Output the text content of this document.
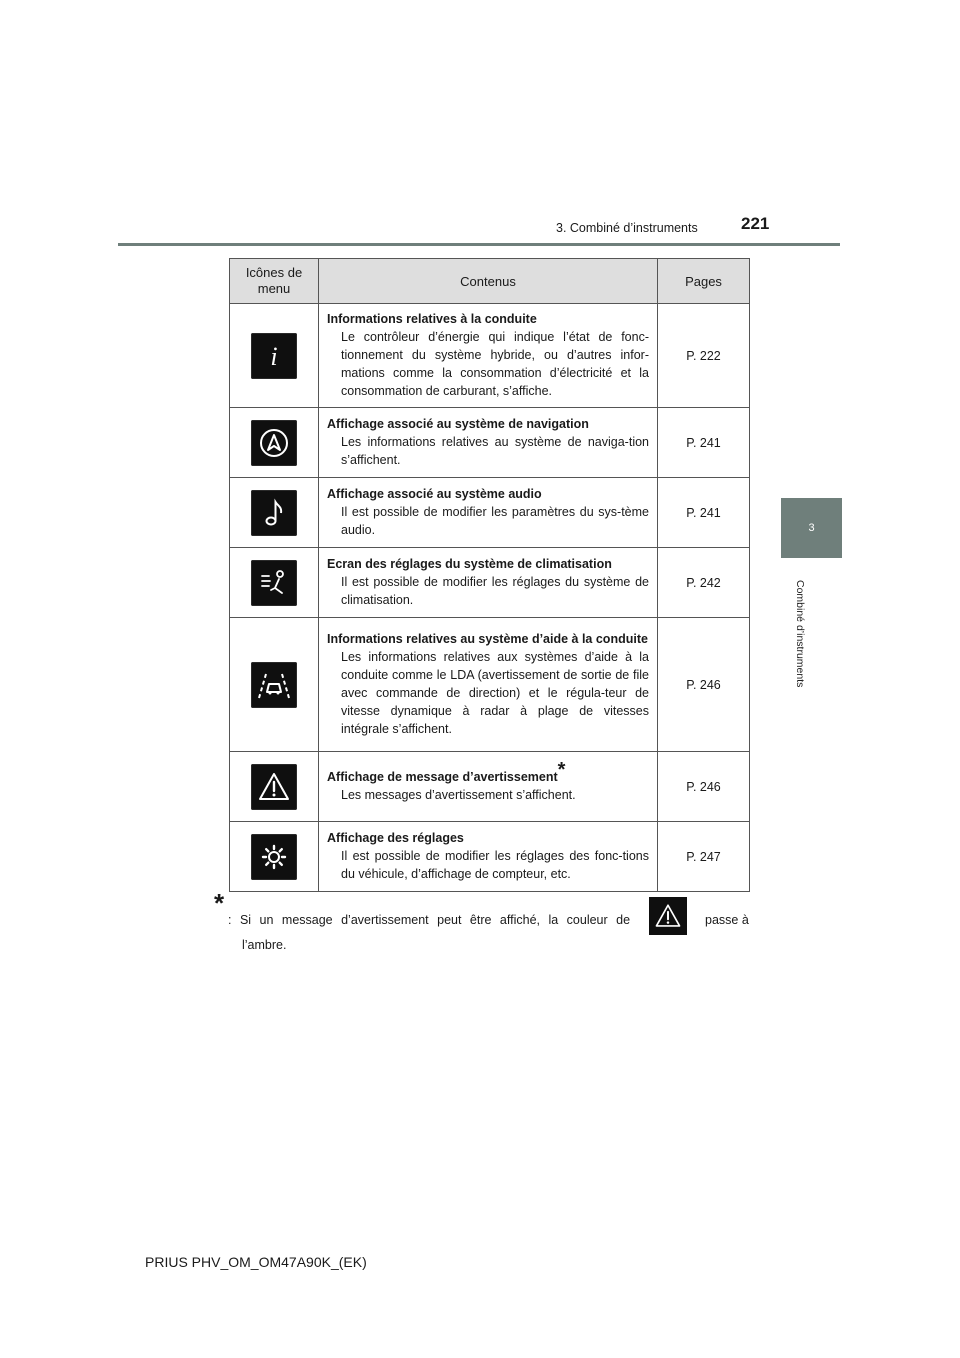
3. Combiné d’instruments	221
3
Combiné d’instruments
Icônes de menu	Contenus	Pages

i	Informations relatives à la conduite
Le contrôleur d’énergie qui indique l’état de fonc-tionnement du système hybride, ou d’autres infor-mations comme la consommation d’électricité et la consommation de carburant, s’affiche.	P. 222

Affichage associé au système de navigation
Les informations relatives au système de naviga-tion s’affichent.	P. 241

Affichage associé au système audio
Il est possible de modifier les paramètres du sys-tème audio.	P. 241

Ecran des réglages du système de climatisation
Il est possible de modifier les réglages du système de climatisation.	P. 242

Informations relatives au système d’aide à la conduite
Les informations relatives aux systèmes d’aide à la conduite comme le LDA (avertissement de sortie de file avec commande de direction) et le régula-teur de vitesse dynamique à radar à plage de vitesses intégrale s’affichent.	P. 246

Affichage de message d’avertissement*
Les messages d’avertissement s’affichent.	P. 246

Affichage des réglages
Il est possible de modifier les réglages des fonc-tions du véhicule, d’affichage de compteur, etc.	P. 247
*
: Si un message d’avertissement peut être affiché, la couleur de	passe à
l’ambre.
PRIUS PHV_OM_OM47A90K_(EK)
